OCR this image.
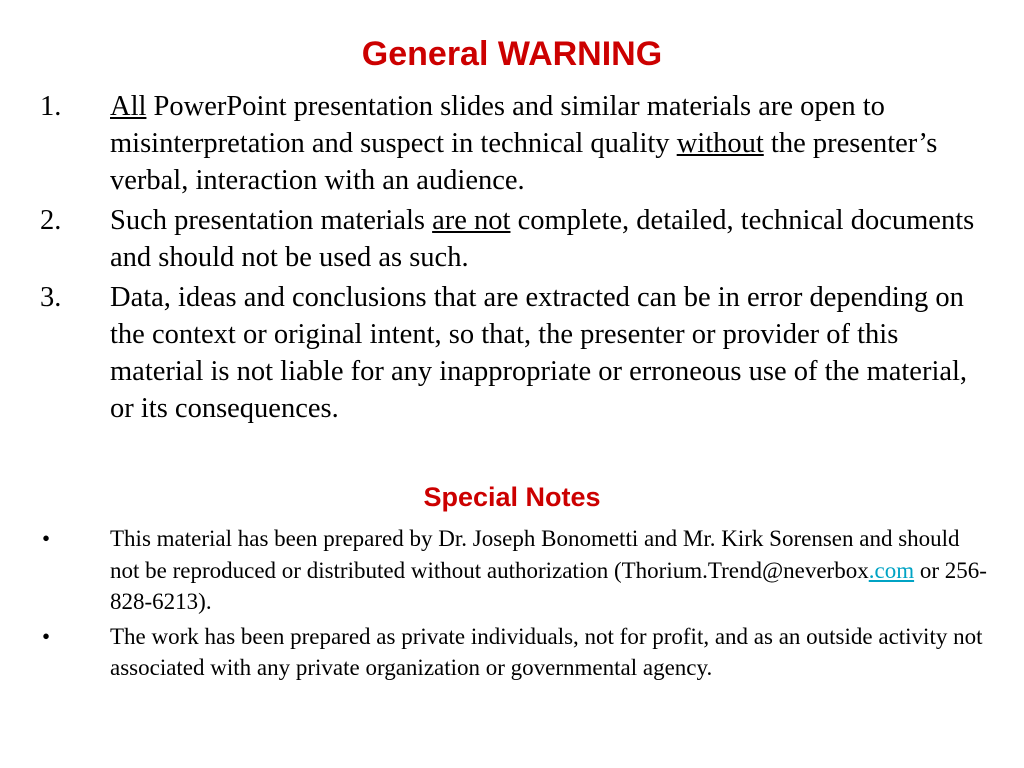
General WARNING
1. All PowerPoint presentation slides and similar materials are open to misinterpretation and suspect in technical quality without the presenter’s verbal, interaction with an audience.
2. Such presentation materials are not complete, detailed, technical documents and should not be used as such.
3. Data, ideas and conclusions that are extracted can be in error depending on the context or original intent, so that, the presenter or provider of this material is not liable for any inappropriate or erroneous use of the material, or its consequences.
Special Notes
•	This material has been prepared by Dr. Joseph Bonometti and Mr. Kirk Sorensen and should not be reproduced or distributed without authorization (Thorium.Trend@neverbox.com or 256-828-6213).
•	The work has been prepared as private individuals, not for profit, and as an outside activity not associated with any private organization or governmental agency.
